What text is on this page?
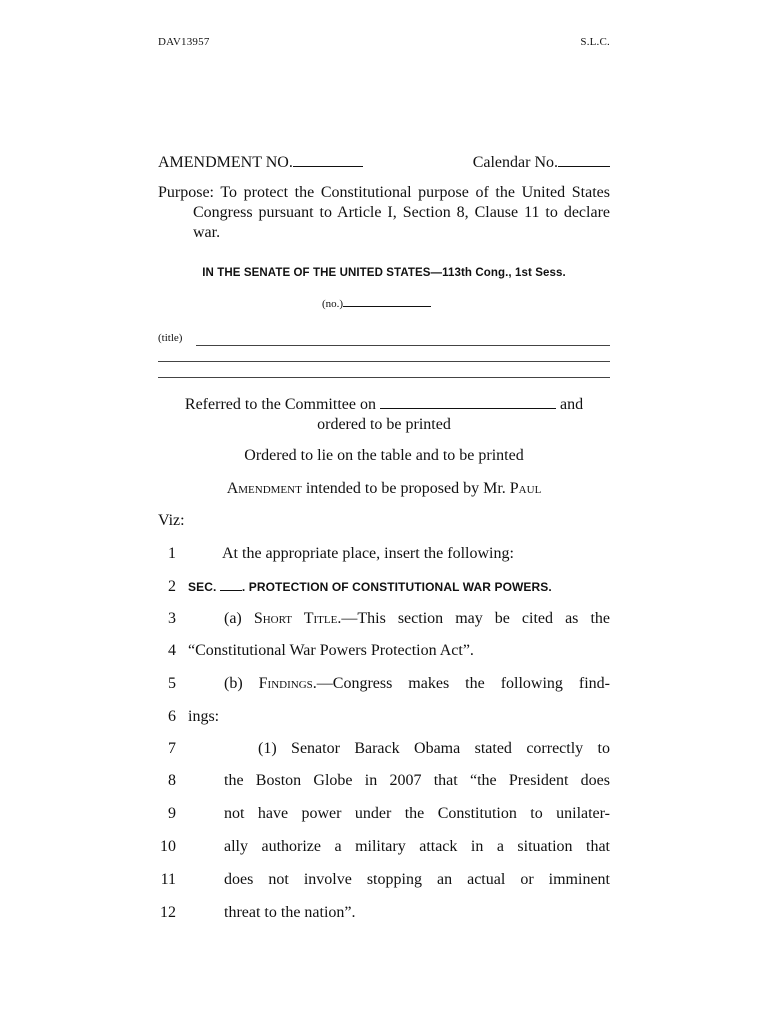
DAV13957	S.L.C.
AMENDMENT NO.	Calendar No.
Purpose: To protect the Constitutional purpose of the United States Congress pursuant to Article I, Section 8, Clause 11 to declare war.
IN THE SENATE OF THE UNITED STATES—113th Cong., 1st Sess.
(no.)
(title)
Referred to the Committee on	and
ordered to be printed
Ordered to lie on the table and to be printed
Amendment intended to be proposed by Mr. Paul
Viz:
1	At the appropriate place, insert the following:
2 SEC. . PROTECTION OF CONSTITUTIONAL WAR POWERS.
3	(a) Short Title.—This section may be cited as the
4 “Constitutional War Powers Protection Act”.
5	(b) Findings.—Congress makes the following find-
6 ings:
7	(1) Senator Barack Obama stated correctly to
8	the Boston Globe in 2007 that “the President does
9	not have power under the Constitution to unilater-
10	ally authorize a military attack in a situation that
11	does not involve stopping an actual or imminent
12	threat to the nation”.
